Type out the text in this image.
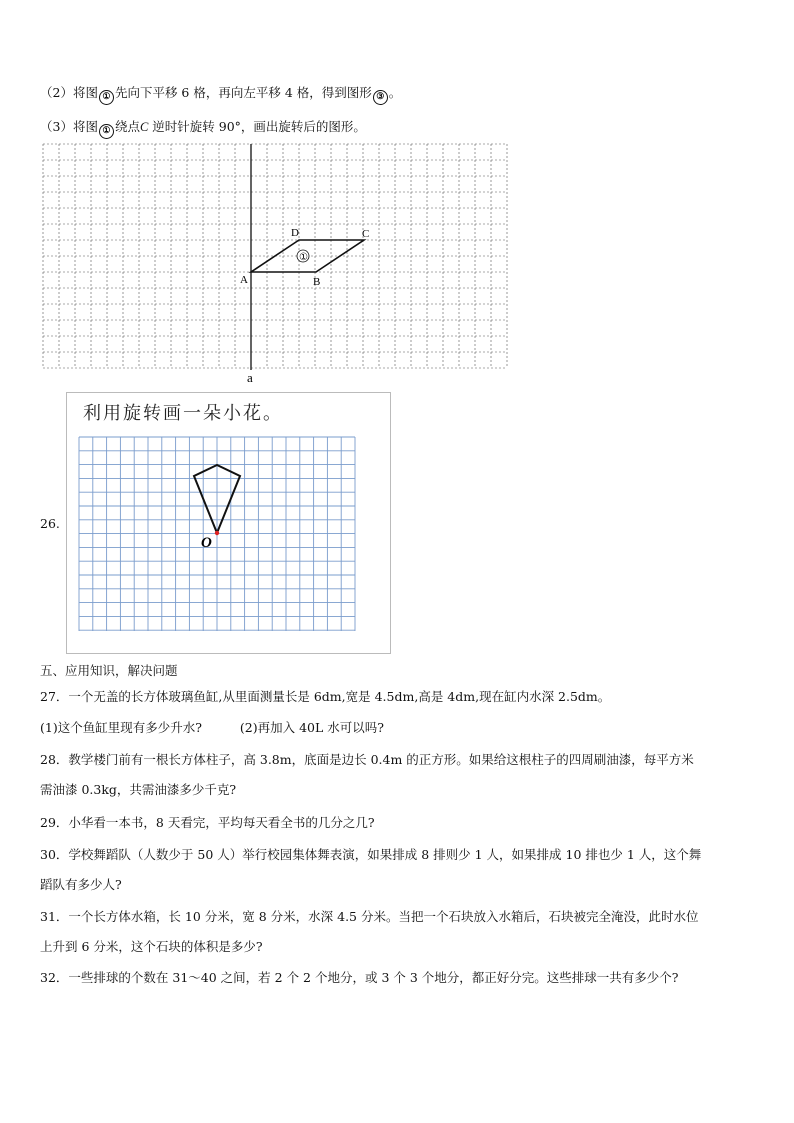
（2）将图 ① 先向下平移 6 格，再向左平移 4 格，得到图形 ③ 。
（3）将图 ① 绕点C 逆时针旋转 90°，画出旋转后的图形。
A	B
C
D
①
a
26.
利用旋转画一朵小花。
O
五、应用知识，解决问题
27．一个无盖的长方体玻璃鱼缸,从里面测量长是 6dm,宽是 4.5dm,高是 4dm,现在缸内水深 2.5dm。
(1)这个鱼缸里现有多少升水?	(2)再加入 40L 水可以吗?
28．教学楼门前有一根长方体柱子，高 3.8m，底面是边长 0.4m 的正方形。如果给这根柱子的四周刷油漆，每平方米
需油漆 0.3kg，共需油漆多少千克?
29．小华看一本书，8 天看完，平均每天看全书的几分之几?
30．学校舞蹈队（人数少于 50 人）举行校园集体舞表演，如果排成 8 排则少 1 人，如果排成 10 排也少 1 人，这个舞
蹈队有多少人?
31．一个长方体水箱，长 10 分米，宽 8 分米，水深 4.5 分米。当把一个石块放入水箱后，石块被完全淹没，此时水位
上升到 6 分米，这个石块的体积是多少?
32．一些排球的个数在 31～40 之间，若 2 个 2 个地分，或 3 个 3 个地分，都正好分完。这些排球一共有多少个?
